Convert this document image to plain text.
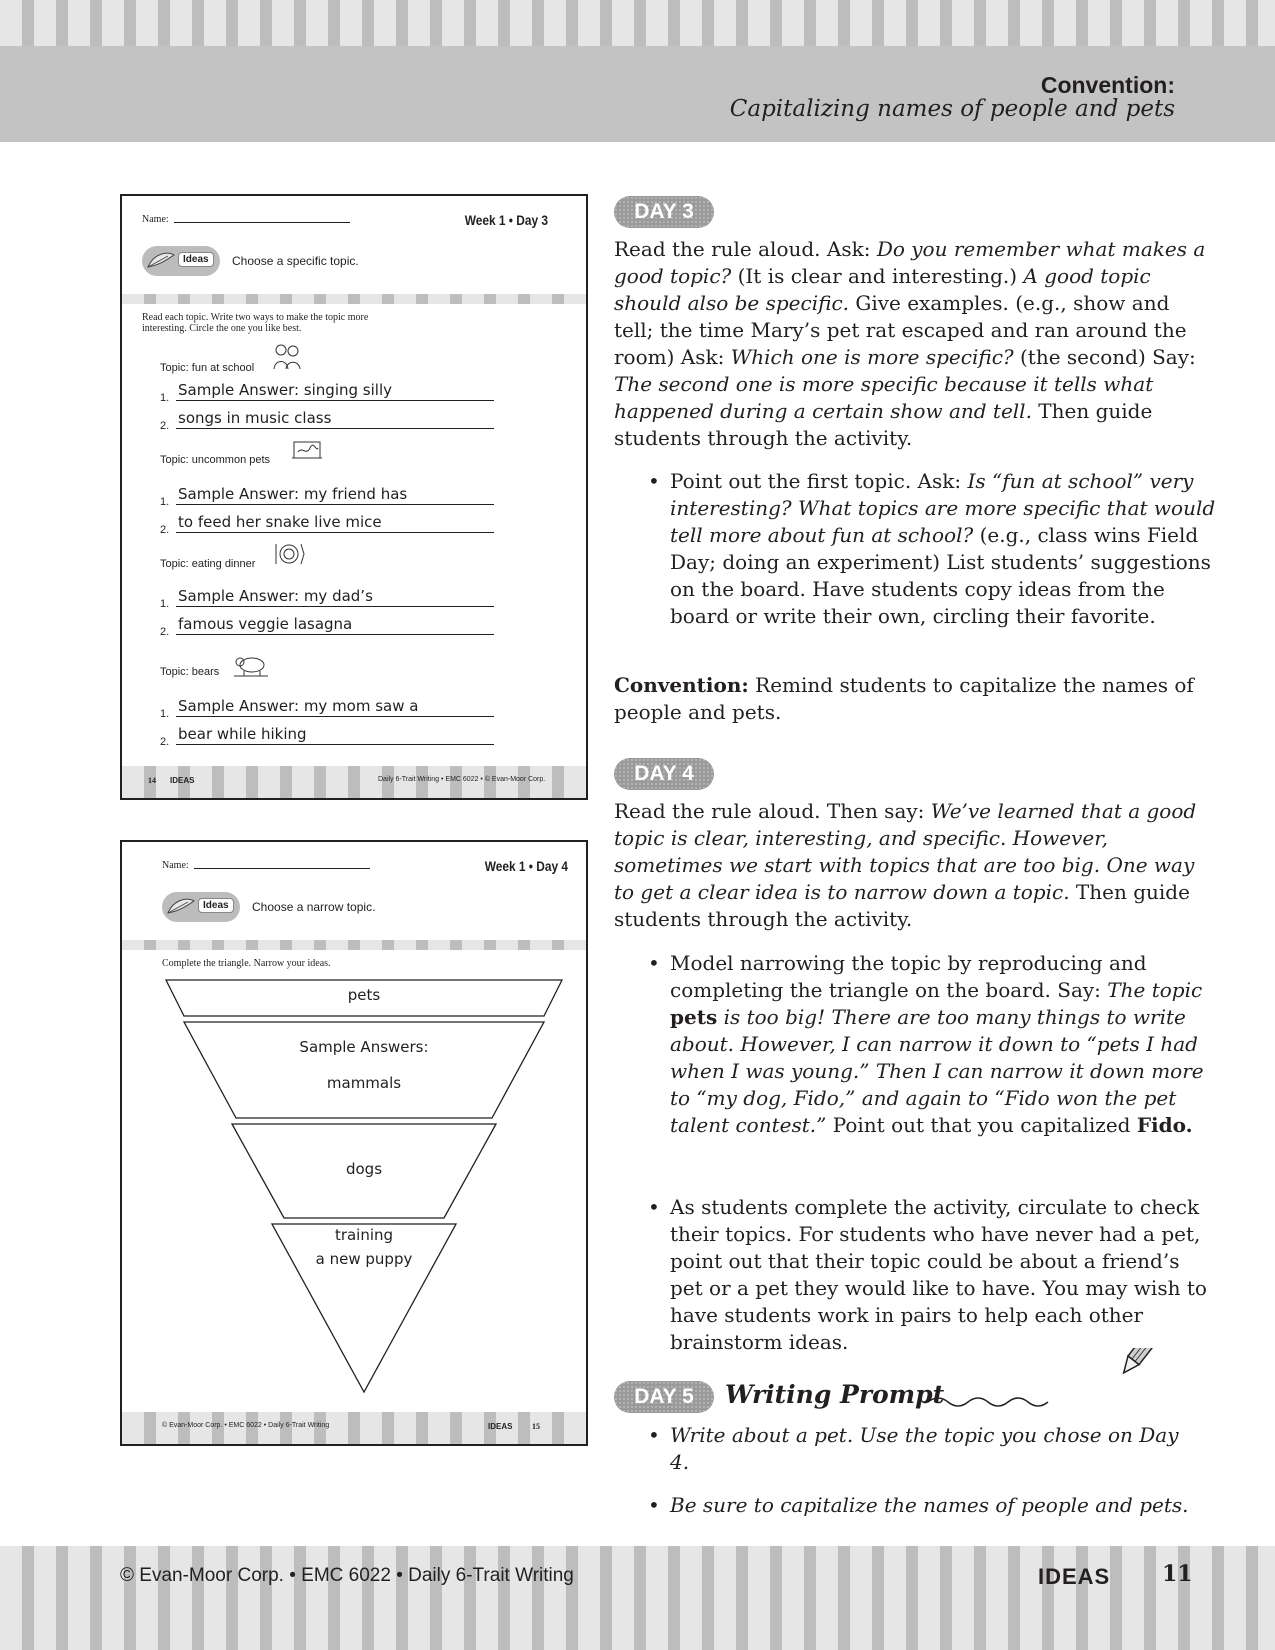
Convention:
Capitalizing names of people and pets
Name:	Week 1 • Day 3
Ideas	Choose a specific topic.
Read each topic. Write two ways to make the topic more
interesting. Circle the one you like best.
Topic: fun at school
1. Sample Answer: singing silly
2. songs in music class
Topic: uncommon pets
1. Sample Answer: my friend has
2. to feed her snake live mice
Topic: eating dinner
1. Sample Answer: my dad’s
2. famous veggie lasagna
Topic: bears
1. Sample Answer: my mom saw a
2. bear while hiking
14 IDEAS	Daily 6-Trait Writing • EMC 6022 • © Evan-Moor Corp.
Name:	Week 1 • Day 4
Ideas	Choose a narrow topic.
Complete the triangle. Narrow your ideas.
pets
Sample Answers:
mammals
dogs
training
a new puppy
© Evan-Moor Corp. • EMC 6022 • Daily 6-Trait Writing	IDEAS 15
DAY 3

Read the rule aloud. Ask: Do you remember what makes a good topic? (It is clear and interesting.) A good topic should also be specific. Give examples. (e.g., show and tell; the time Mary’s pet rat escaped and ran around the room) Ask: Which one is more specific? (the second) Say: The second one is more specific because it tells what happened during a certain show and tell. Then guide students through the activity.

• Point out the first topic. Ask: Is “fun at school” very interesting? What topics are more specific that would tell more about fun at school? (e.g., class wins Field Day; doing an experiment) List students’ suggestions on the board. Have students copy ideas from the board or write their own, circling their favorite.

Convention: Remind students to capitalize the names of people and pets.

DAY 4

Read the rule aloud. Then say: We’ve learned that a good topic is clear, interesting, and specific. However, sometimes we start with topics that are too big. One way to get a clear idea is to narrow down a topic. Then guide students through the activity.

• Model narrowing the topic by reproducing and completing the triangle on the board. Say: The topic pets is too big! There are too many things to write about. However, I can narrow it down to “pets I had when I was young.” Then I can narrow it down more to “my dog, Fido,” and again to “Fido won the pet talent contest.” Point out that you capitalized Fido.
• As students complete the activity, circulate to check their topics. For students who have never had a pet, point out that their topic could be about a friend’s pet or a pet they would like to have. You may wish to have students work in pairs to help each other brainstorm ideas.
DAY 5	Writing Prompt
• Write about a pet. Use the topic you chose on Day 4.
• Be sure to capitalize the names of people and pets.
© Evan-Moor Corp. • EMC 6022 • Daily 6-Trait Writing	IDEAS 11
